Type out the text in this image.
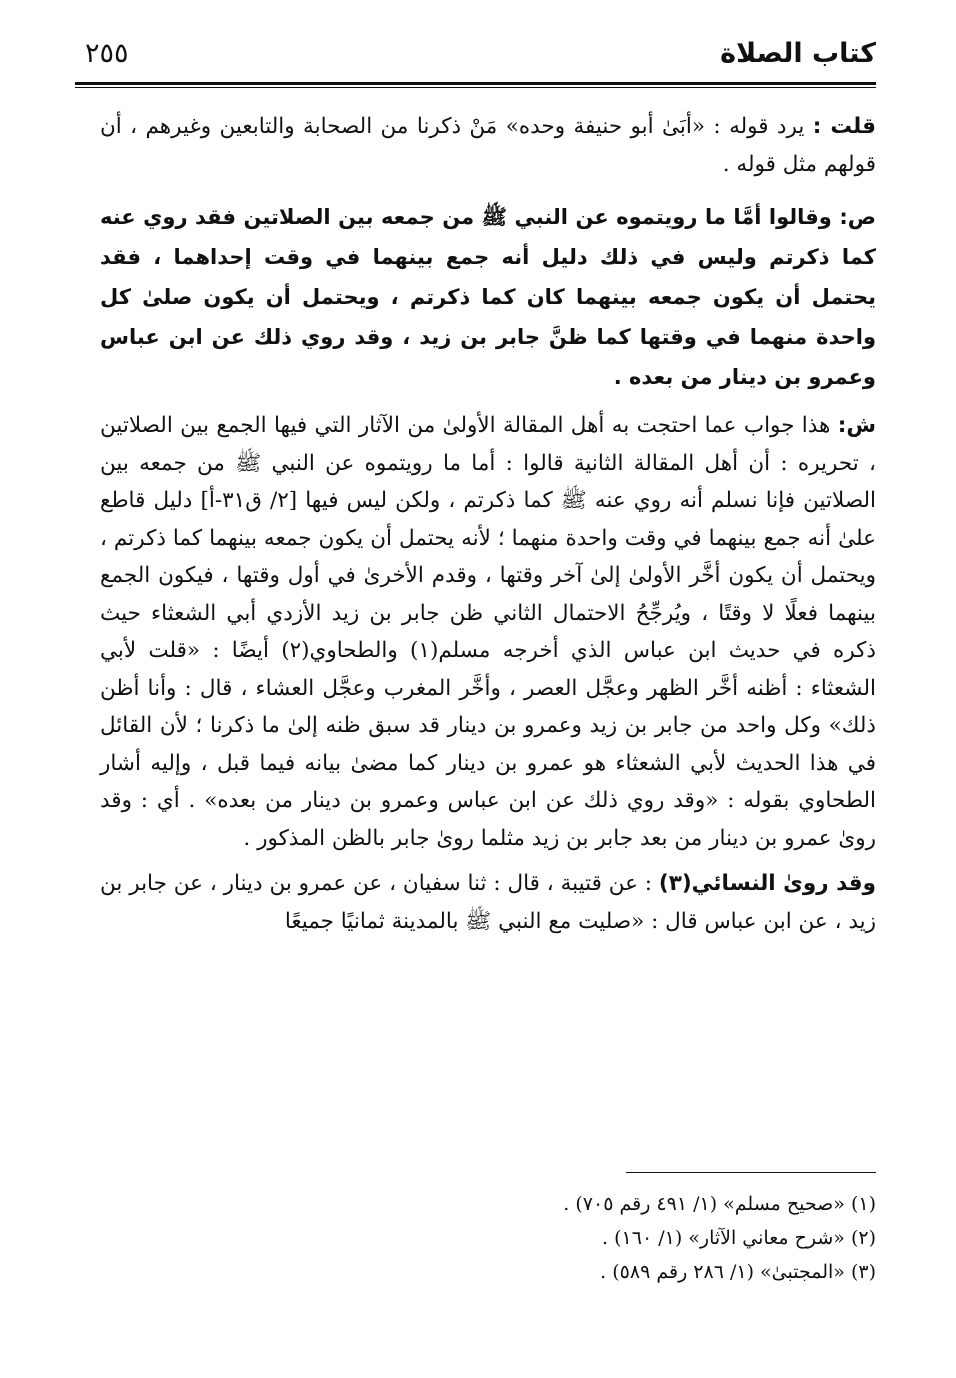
كتاب الصلاة
٢٥٥

قلت : يرد قوله : «أبَىٰ أبو حنيفة وحده» مَنْ ذكرنا من الصحابة والتابعين وغيرهم ، أن قولهم مثل قوله .

ص: وقالوا أمَّا ما رويتموه عن النبي ﷺ من جمعه بين الصلاتين فقد روي عنه كما ذكرتم وليس في ذلك دليل أنه جمع بينهما في وقت إحداهما ، فقد يحتمل أن يكون جمعه بينهما كان كما ذكرتم ، ويحتمل أن يكون صلىٰ كل واحدة منهما في وقتها كما ظنَّ جابر بن زيد ، وقد روي ذلك عن ابن عباس وعمرو بن دينار من بعده .

ش: هذا جواب عما احتجت به أهل المقالة الأولىٰ من الآثار التي فيها الجمع بين الصلاتين ، تحريره : أن أهل المقالة الثانية قالوا : أما ما رويتموه عن النبي ﷺ من جمعه بين الصلاتين فإنا نسلم أنه روي عنه ﷺ كما ذكرتم ، ولكن ليس فيها [٢/ ق٣١-أ] دليل قاطع علىٰ أنه جمع بينهما في وقت واحدة منهما ؛ لأنه يحتمل أن يكون جمعه بينهما كما ذكرتم ، ويحتمل أن يكون أخَّر الأولىٰ إلىٰ آخر وقتها ، وقدم الأخرىٰ في أول وقتها ، فيكون الجمع بينهما فعلًا لا وقتًا ، ويُرجِّحُ الاحتمال الثاني ظن جابر بن زيد الأزدي أبي الشعثاء حيث ذكره في حديث ابن عباس الذي أخرجه مسلم(١) والطحاوي(٢) أيضًا : «قلت لأبي الشعثاء : أظنه أخَّر الظهر وعجَّل العصر ، وأخَّر المغرب وعجَّل العشاء ، قال : وأنا أظن ذلك» وكل واحد من جابر بن زيد وعمرو بن دينار قد سبق ظنه إلىٰ ما ذكرنا ؛ لأن القائل في هذا الحديث لأبي الشعثاء هو عمرو بن دينار كما مضىٰ بيانه فيما قبل ، وإليه أشار الطحاوي بقوله : «وقد روي ذلك عن ابن عباس وعمرو بن دينار من بعده» . أي : وقد روىٰ عمرو بن دينار من بعد جابر بن زيد مثلما روىٰ جابر بالظن المذكور .

وقد روىٰ النسائي(٣) : عن قتيبة ، قال : ثنا سفيان ، عن عمرو بن دينار ، عن جابر بن زيد ، عن ابن عباس قال : «صليت مع النبي ﷺ بالمدينة ثمانيًا جميعًا

(١) «صحيح مسلم» (١/ ٤٩١ رقم ٧٠٥) .

(٢) «شرح معاني الآثار» (١/ ١٦٠) .

(٣) «المجتبىٰ» (١/ ٢٨٦ رقم ٥٨٩) .
